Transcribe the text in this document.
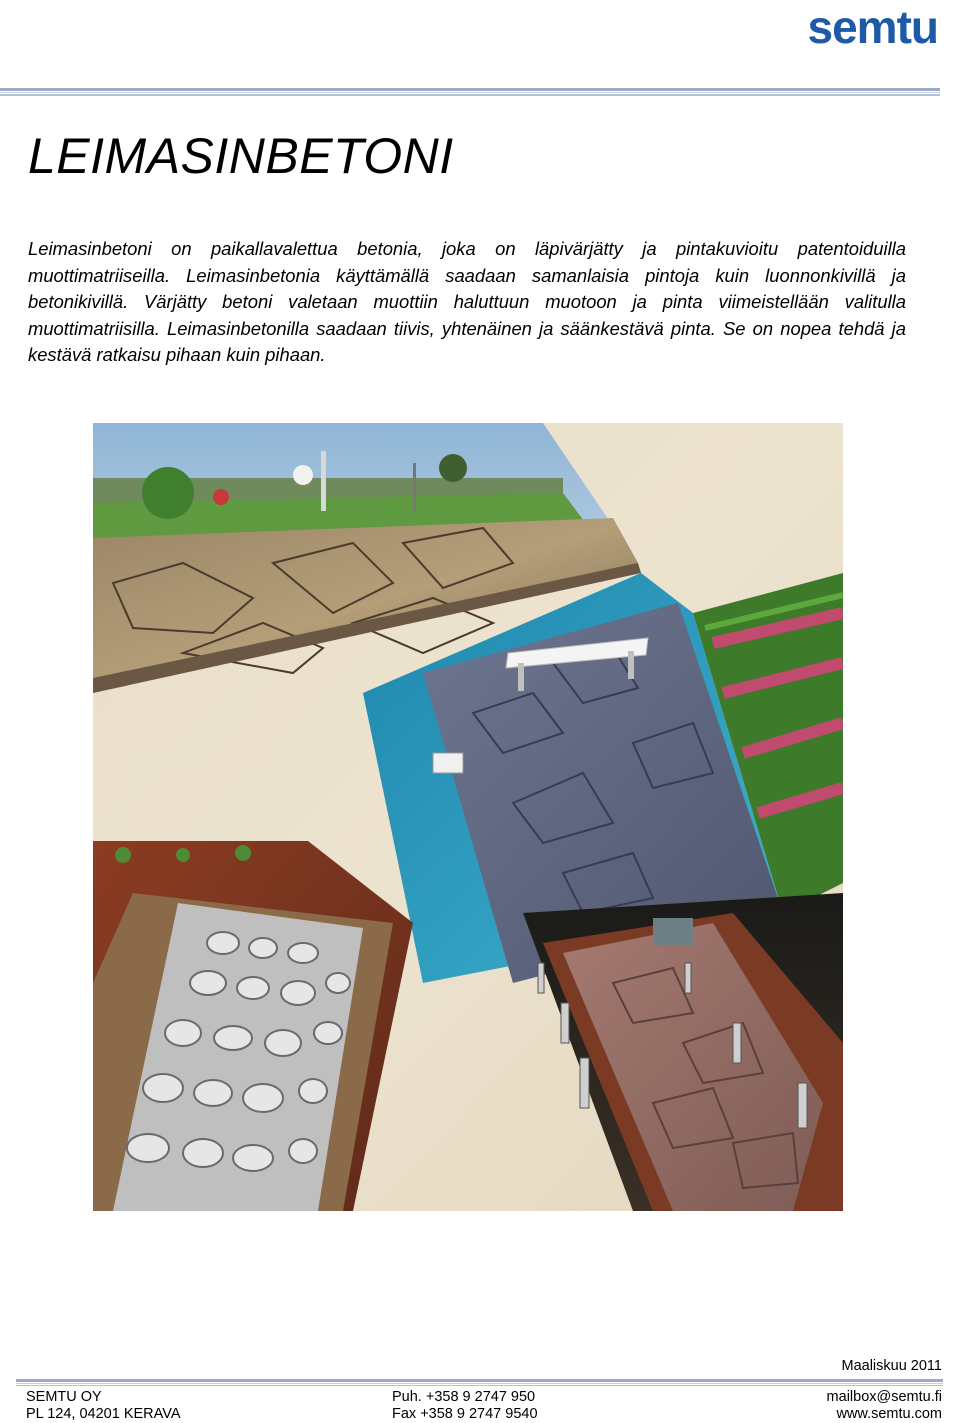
semtu
LEIMASINBETONI

Leimasinbetoni on paikallavalettua betonia, joka on läpivärjätty ja pintakuvioitu patentoiduilla muottimatriiseilla. Leimasinbetonia käyttämällä saadaan samanlaisia pintoja kuin luonnonkivillä ja betonikivillä. Värjätty betoni valetaan muottiin haluttuun muotoon ja pinta viimeistellään valitulla muottimatriisilla. Leimasinbetonilla saadaan tiivis, yhtenäinen ja säänkestävä pinta. Se on nopea tehdä ja kestävä ratkaisu pihaan kuin pihaan.

Maaliskuu 2011
SEMTU OY
PL 124, 04201 KERAVA
Puh. +358 9 2747 950
Fax +358 9 2747 9540
mailbox@semtu.fi
www.semtu.com
